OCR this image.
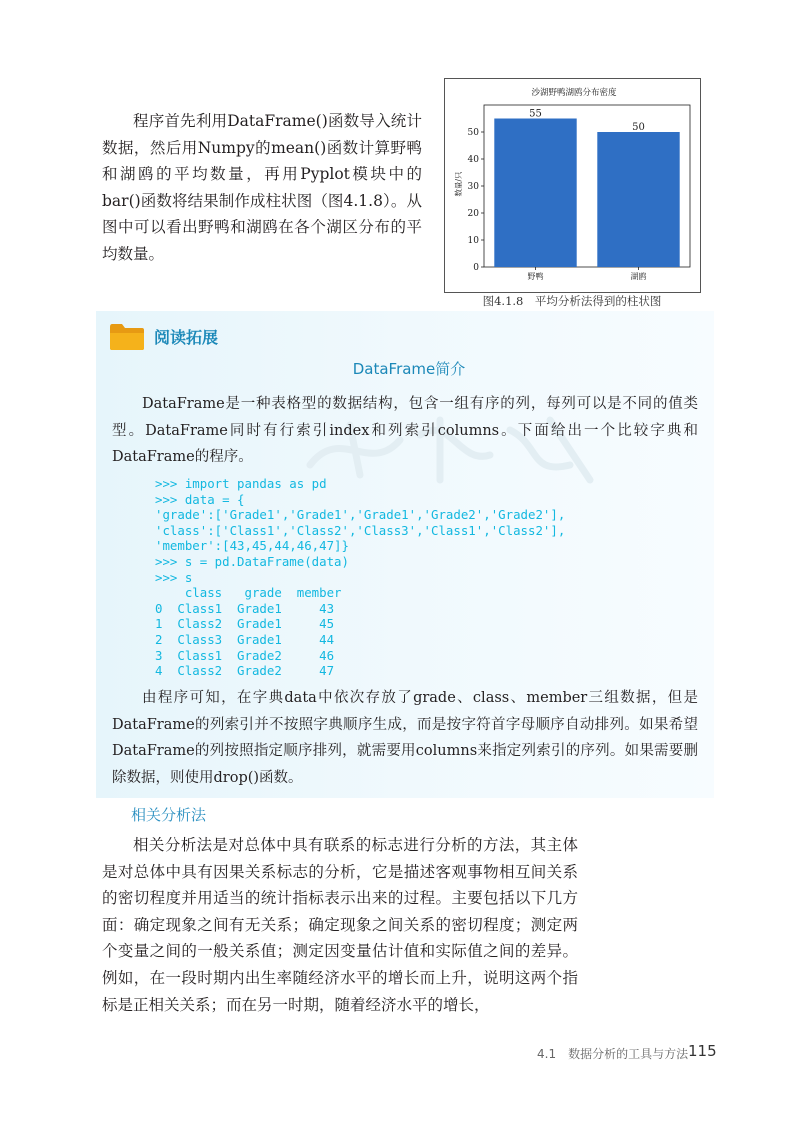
程序首先利用DataFrame()函数导入统计数据，然后用Numpy的mean()函数计算野鸭和湖鸥的平均数量，再用Pyplot模块中的bar()函数将结果制作成柱状图（图4.1.8）。从图中可以看出野鸭和湖鸥在各个湖区分布的平均数量。
沙湖野鸭湖鸥分布密度
数量/只
0
10
20
30
40
50
野鸭	湖鸥
55
50
图4.1.8　平均分析法得到的柱状图
阅读拓展
DataFrame简介
DataFrame是一种表格型的数据结构，包含一组有序的列，每列可以是不同的值类型。DataFrame同时有行索引index和列索引columns。下面给出一个比较字典和DataFrame的程序。
>>> import pandas as pd
>>> data = {
'grade':['Grade1','Grade1','Grade1','Grade2','Grade2'],
'class':['Class1','Class2','Class3','Class1','Class2'],
'member':[43,45,44,46,47]}
>>> s = pd.DataFrame(data)
>>> s
class   grade  member
0  Class1  Grade1     43
1  Class2  Grade1     45
2  Class3  Grade1     44
3  Class1  Grade2     46
4  Class2  Grade2     47
由程序可知，在字典data中依次存放了grade、class、member三组数据，但是DataFrame的列索引并不按照字典顺序生成，而是按字符首字母顺序自动排列。如果希望DataFrame的列按照指定顺序排列，就需要用columns来指定列索引的序列。如果需要删除数据，则使用drop()函数。
相关分析法
相关分析法是对总体中具有联系的标志进行分析的方法，其主体是对总体中具有因果关系标志的分析，它是描述客观事物相互间关系的密切程度并用适当的统计指标表示出来的过程。主要包括以下几方面：确定现象之间有无关系；确定现象之间关系的密切程度；测定两个变量之间的一般关系值；测定因变量估计值和实际值之间的差异。例如，在一段时期内出生率随经济水平的增长而上升，说明这两个指标是正相关关系；而在另一时期，随着经济水平的增长，
4.1　数据分析的工具与方法 115
